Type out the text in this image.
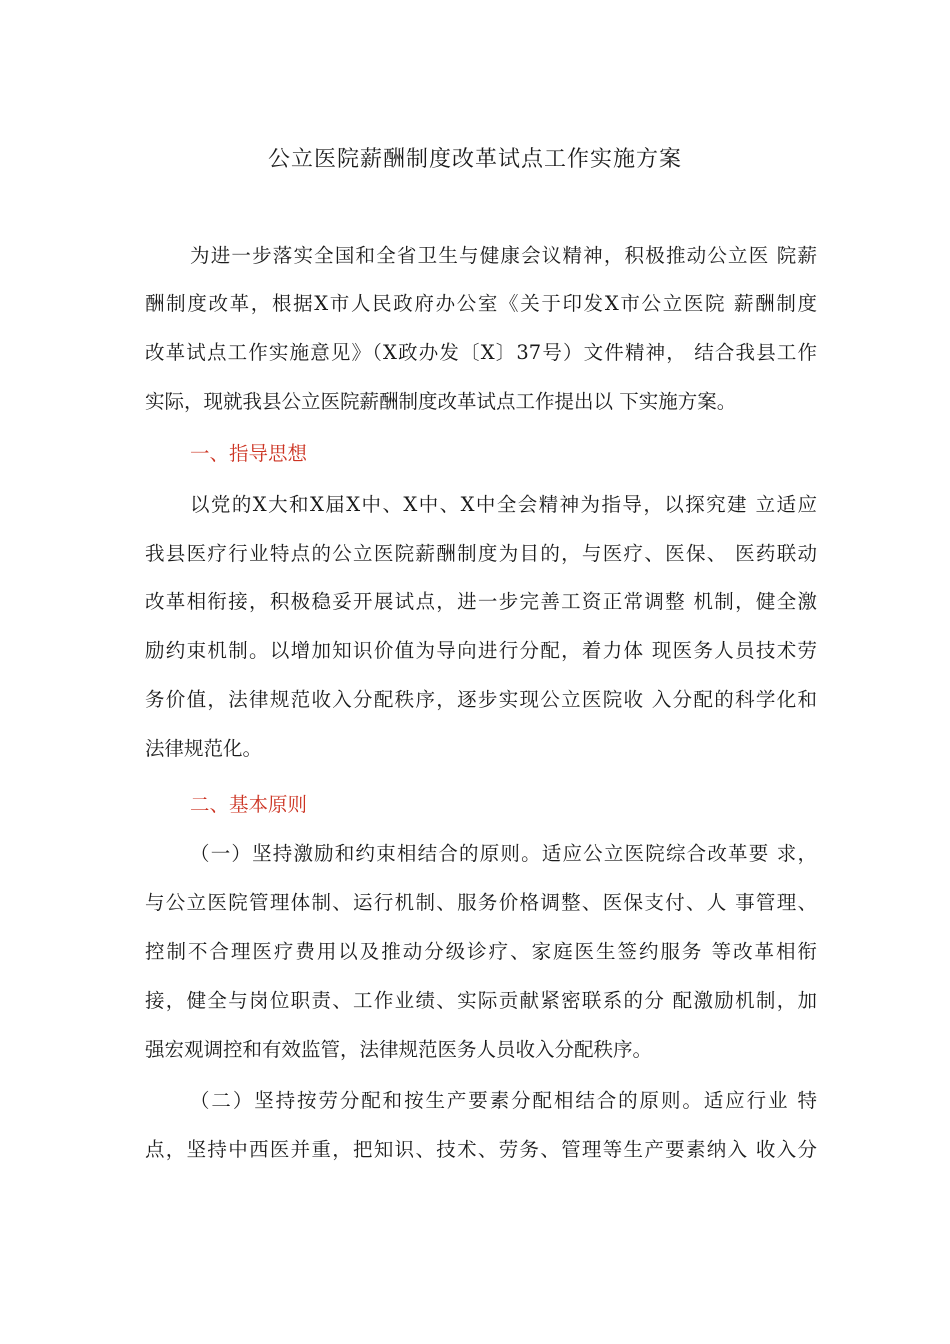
公立医院薪酬制度改革试点工作实施方案
为进一步落实全国和全省卫生与健康会议精神，积极推动公立医 院薪
酬制度改革，根据X市人民政府办公室《关于印发X市公立医院 薪酬制度
改革试点工作实施意见》（X政办发〔X〕37号）文件精神， 结合我县工作
实际，现就我县公立医院薪酬制度改革试点工作提出以 下实施方案。
一、指导思想
以党的X大和X届X中、X中、X中全会精神为指导，以探究建 立适应
我县医疗行业特点的公立医院薪酬制度为目的，与医疗、医保、 医药联动
改革相衔接，积极稳妥开展试点，进一步完善工资正常调整 机制，健全激
励约束机制。以增加知识价值为导向进行分配，着力体 现医务人员技术劳
务价值，法律规范收入分配秩序，逐步实现公立医院收 入分配的科学化和
法律规范化。
二、基本原则
（一）坚持激励和约束相结合的原则。适应公立医院综合改革要 求，
与公立医院管理体制、运行机制、服务价格调整、医保支付、人 事管理、
控制不合理医疗费用以及推动分级诊疗、家庭医生签约服务 等改革相衔
接，健全与岗位职责、工作业绩、实际贡献紧密联系的分 配激励机制，加
强宏观调控和有效监管，法律规范医务人员收入分配秩序。
（二）坚持按劳分配和按生产要素分配相结合的原则。适应行业 特
点，坚持中西医并重，把知识、技术、劳务、管理等生产要素纳入 收入分
